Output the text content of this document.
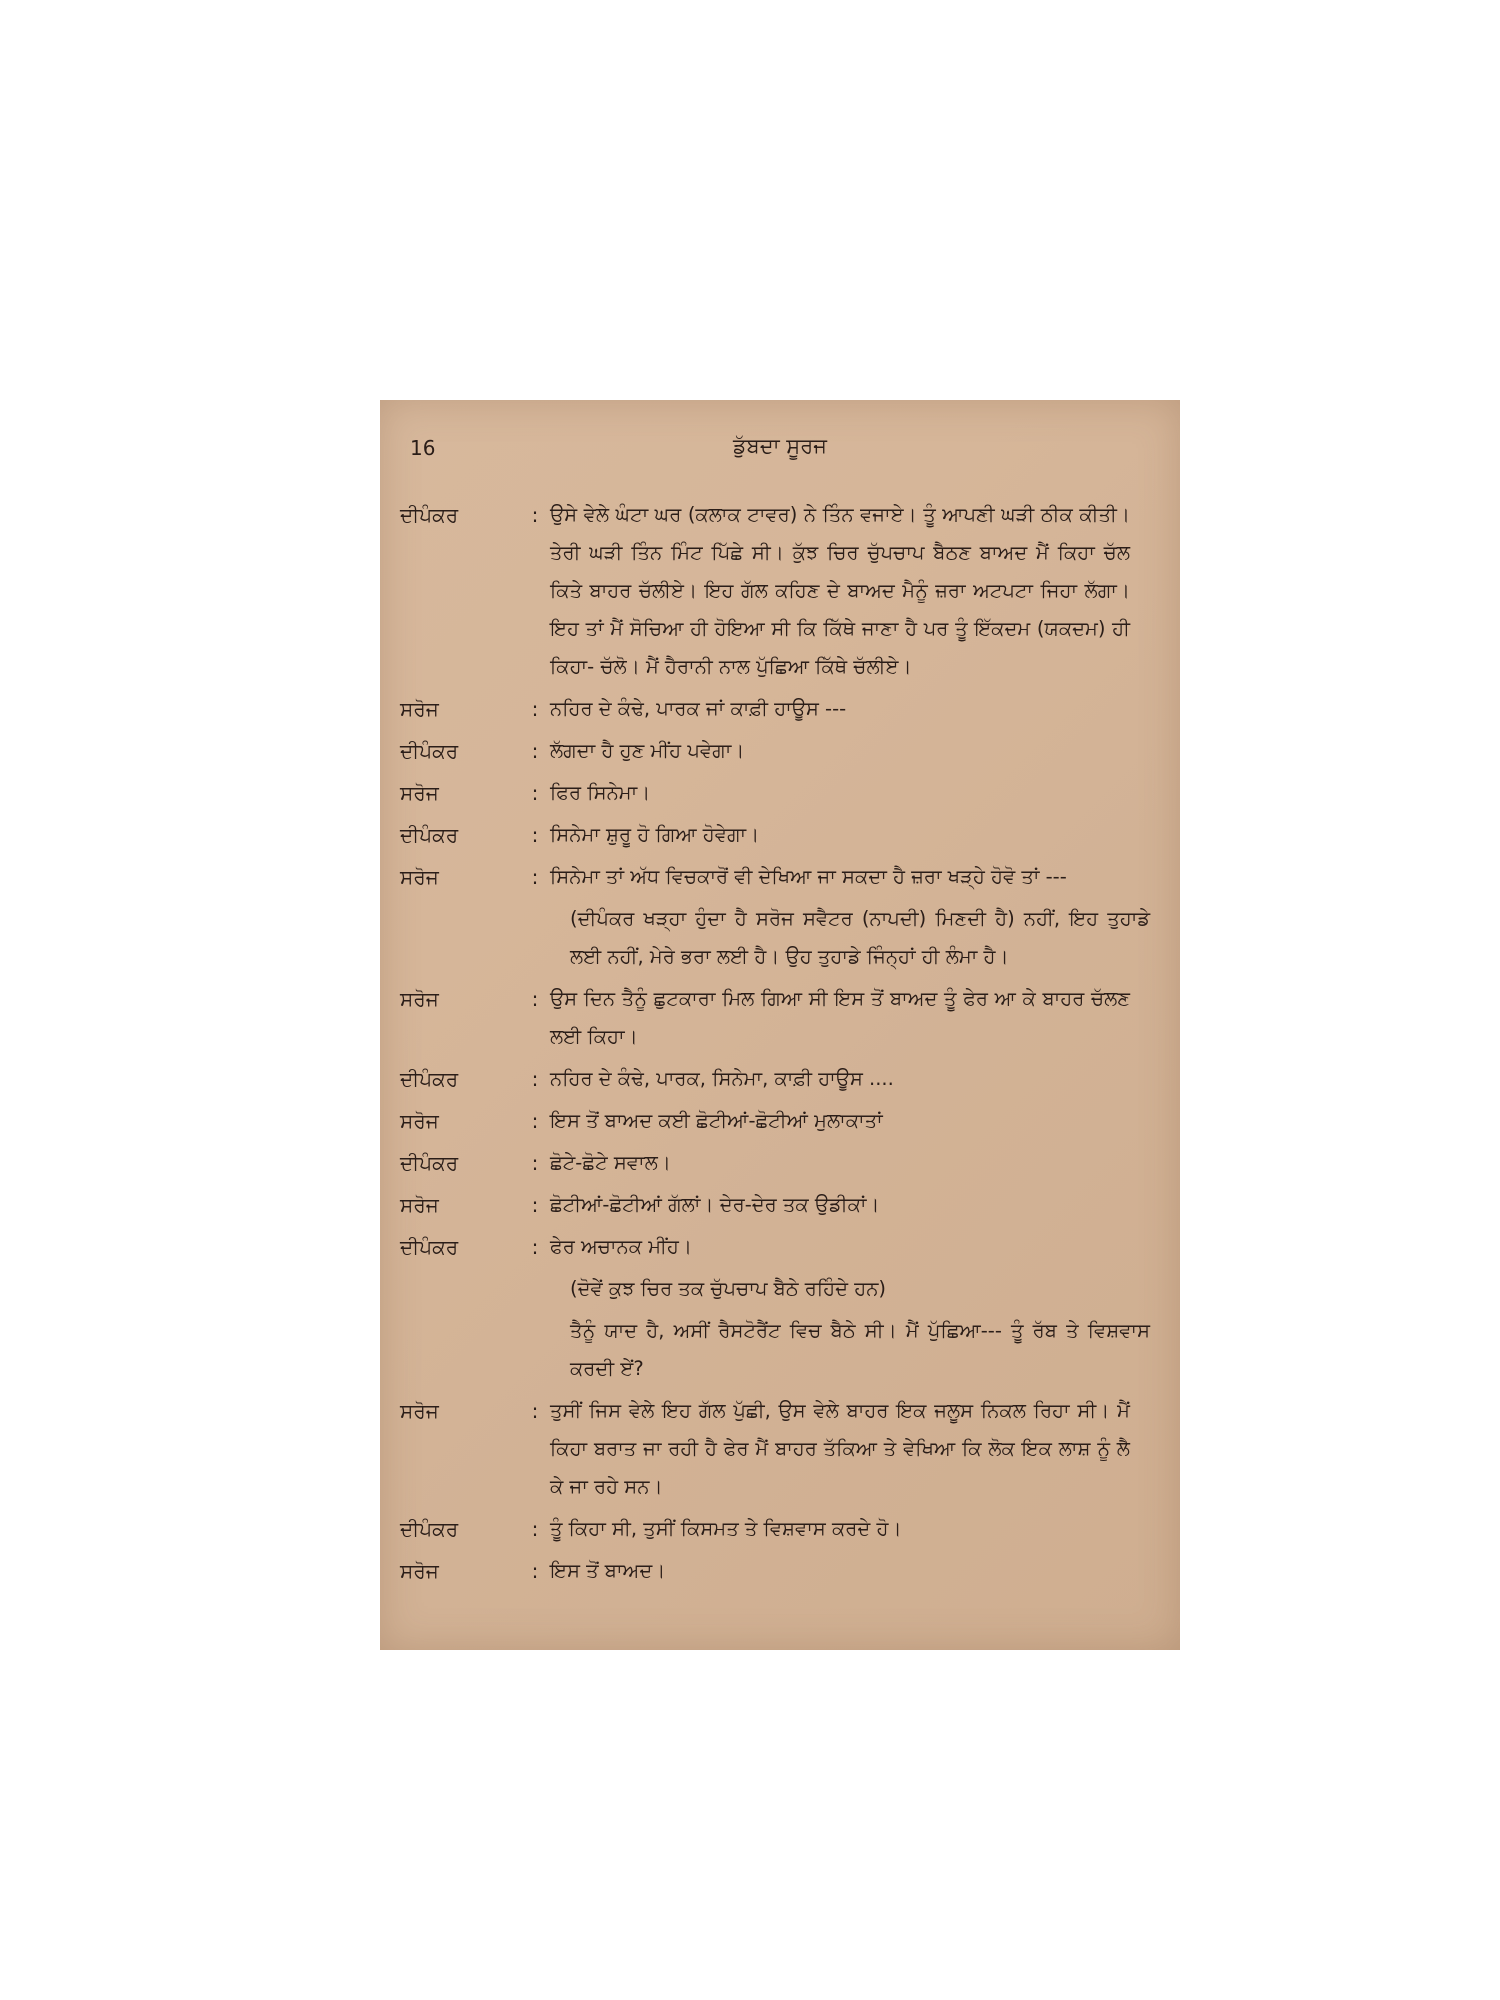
16	ਡੁੱਬਦਾ ਸੂਰਜ
ਦੀਪੰਕਰ	: ਉਸੇ ਵੇਲੇ ਘੰਟਾ ਘਰ (ਕਲਾਕ ਟਾਵਰ) ਨੇ ਤਿੰਨ ਵਜਾਏ। ਤੂੰ ਆਪਣੀ ਘੜੀ ਠੀਕ ਕੀਤੀ। ਤੇਰੀ ਘੜੀ ਤਿੰਨ ਮਿੰਟ ਪਿੱਛੇ ਸੀ। ਕੁੱਝ ਚਿਰ ਚੁੱਪਚਾਪ ਬੈਠਣ ਬਾਅਦ ਮੈਂ ਕਿਹਾ ਚੱਲ ਕਿਤੇ ਬਾਹਰ ਚੱਲੀਏ। ਇਹ ਗੱਲ ਕਹਿਣ ਦੇ ਬਾਅਦ ਮੈਨੂੰ ਜ਼ਰਾ ਅਟਪਟਾ ਜਿਹਾ ਲੱਗਾ। ਇਹ ਤਾਂ ਮੈਂ ਸੋਚਿਆ ਹੀ ਹੋਇਆ ਸੀ ਕਿ ਕਿੱਥੇ ਜਾਣਾ ਹੈ ਪਰ ਤੂੰ ਇੱਕਦਮ (ਯਕਦਮ) ਹੀ ਕਿਹਾ- ਚੱਲੋ। ਮੈਂ ਹੈਰਾਨੀ ਨਾਲ ਪੁੱਛਿਆ ਕਿੱਥੇ ਚੱਲੀਏ।
ਸਰੋਜ	: ਨਹਿਰ ਦੇ ਕੰਢੇ, ਪਾਰਕ ਜਾਂ ਕਾਫ਼ੀ ਹਾਊਸ ---
ਦੀਪੰਕਰ	: ਲੱਗਦਾ ਹੈ ਹੁਣ ਮੀਂਹ ਪਵੇਗਾ।
ਸਰੋਜ	: ਫਿਰ ਸਿਨੇਮਾ।
ਦੀਪੰਕਰ	: ਸਿਨੇਮਾ ਸ਼ੁਰੂ ਹੋ ਗਿਆ ਹੋਵੇਗਾ।
ਸਰੋਜ	: ਸਿਨੇਮਾ ਤਾਂ ਅੱਧ ਵਿਚਕਾਰੋਂ ਵੀ ਦੇਖਿਆ ਜਾ ਸਕਦਾ ਹੈ ਜ਼ਰਾ ਖੜ੍ਹੇ ਹੋਵੋ ਤਾਂ ---
(ਦੀਪੰਕਰ ਖੜ੍ਹਾ ਹੁੰਦਾ ਹੈ ਸਰੋਜ ਸਵੈਟਰ (ਨਾਪਦੀ) ਮਿਣਦੀ ਹੈ) ਨਹੀਂ, ਇਹ ਤੁਹਾਡੇ ਲਈ ਨਹੀਂ, ਮੇਰੇ ਭਰਾ ਲਈ ਹੈ। ਉਹ ਤੁਹਾਡੇ ਜਿੰਨ੍ਹਾਂ ਹੀ ਲੰਮਾ ਹੈ।
ਸਰੋਜ	: ਉਸ ਦਿਨ ਤੈਨੂੰ ਛੁਟਕਾਰਾ ਮਿਲ ਗਿਆ ਸੀ ਇਸ ਤੋਂ ਬਾਅਦ ਤੂੰ ਫੇਰ ਆ ਕੇ ਬਾਹਰ ਚੱਲਣ ਲਈ ਕਿਹਾ।
ਦੀਪੰਕਰ	: ਨਹਿਰ ਦੇ ਕੰਢੇ, ਪਾਰਕ, ਸਿਨੇਮਾ, ਕਾਫ਼ੀ ਹਾਊਸ ....
ਸਰੋਜ	: ਇਸ ਤੋਂ ਬਾਅਦ ਕਈ ਛੋਟੀਆਂ-ਛੋਟੀਆਂ ਮੁਲਾਕਾਤਾਂ
ਦੀਪੰਕਰ	: ਛੋਟੇ-ਛੋਟੇ ਸਵਾਲ।
ਸਰੋਜ	: ਛੋਟੀਆਂ-ਛੋਟੀਆਂ ਗੱਲਾਂ। ਦੇਰ-ਦੇਰ ਤਕ ਉਡੀਕਾਂ।
ਦੀਪੰਕਰ	: ਫੇਰ ਅਚਾਨਕ ਮੀਂਹ।
(ਦੋਵੇਂ ਕੁਝ ਚਿਰ ਤਕ ਚੁੱਪਚਾਪ ਬੈਠੇ ਰਹਿੰਦੇ ਹਨ)
ਤੈਨੂੰ ਯਾਦ ਹੈ, ਅਸੀਂ ਰੈਸਟੋਰੈਂਟ ਵਿਚ ਬੈਠੇ ਸੀ। ਮੈਂ ਪੁੱਛਿਆ--- ਤੂੰ ਰੱਬ ਤੇ ਵਿਸ਼ਵਾਸ ਕਰਦੀ ਏਂ?
ਸਰੋਜ	: ਤੁਸੀਂ ਜਿਸ ਵੇਲੇ ਇਹ ਗੱਲ ਪੁੱਛੀ, ਉਸ ਵੇਲੇ ਬਾਹਰ ਇਕ ਜਲੂਸ ਨਿਕਲ ਰਿਹਾ ਸੀ। ਮੈਂ ਕਿਹਾ ਬਰਾਤ ਜਾ ਰਹੀ ਹੈ ਫੇਰ ਮੈਂ ਬਾਹਰ ਤੱਕਿਆ ਤੇ ਵੇਖਿਆ ਕਿ ਲੋਕ ਇਕ ਲਾਸ਼ ਨੂੰ ਲੈ ਕੇ ਜਾ ਰਹੇ ਸਨ।
ਦੀਪੰਕਰ	: ਤੂੰ ਕਿਹਾ ਸੀ, ਤੁਸੀਂ ਕਿਸਮਤ ਤੇ ਵਿਸ਼ਵਾਸ ਕਰਦੇ ਹੋ।
ਸਰੋਜ	: ਇਸ ਤੋਂ ਬਾਅਦ।
